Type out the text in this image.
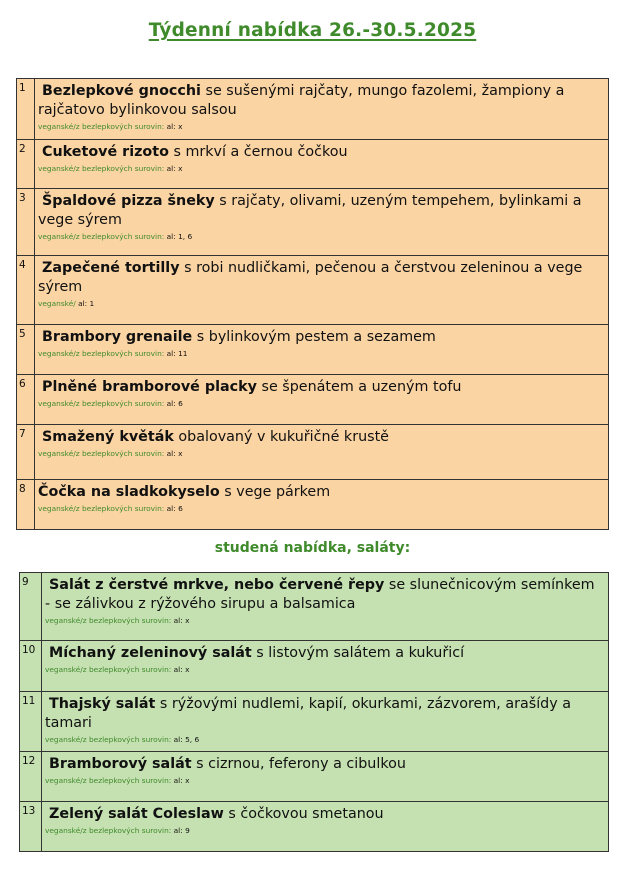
Týdenní nabídka 26.-30.5.2025
1	Bezlepkové gnocchi se sušenými rajčaty, mungo fazolemi, žampiony a rajčatovo bylinkovou salsou
veganské/z bezlepkových surovin: al: x

2	Cuketové rizoto s mrkví a černou čočkou
veganské/z bezlepkových surovin: al: x

3	Špaldové pizza šneky s rajčaty, olivami, uzeným tempehem, bylinkami a vege sýrem
veganské/z bezlepkových surovin: al: 1, 6

4	Zapečené tortilly s robi nudličkami, pečenou a čerstvou zeleninou a vege sýrem
veganské/ al: 1

5	Brambory grenaile s bylinkovým pestem a sezamem
veganské/z bezlepkových surovin: al: 11

6	Plněné bramborové placky se špenátem a uzeným tofu
veganské/z bezlepkových surovin: al: 6

7	Smažený květák obalovaný v kukuřičné krustě
veganské/z bezlepkových surovin: al: x

8	Čočka na sladkokyselo s vege párkem
veganské/z bezlepkových surovin: al: 6
studená nabídka, saláty:
9	Salát z čerstvé mrkve, nebo červené řepy se slunečnicovým semínkem - se zálivkou z rýžového sirupu a balsamica
veganské/z bezlepkových surovin: al: x

10	Míchaný zeleninový salát s listovým salátem a kukuřicí
veganské/z bezlepkových surovin: al: x

11	Thajský salát s rýžovými nudlemi, kapií, okurkami, zázvorem, arašídy a tamari
veganské/z bezlepkových surovin: al: 5, 6

12	Bramborový salát s cizrnou, feferony a cibulkou
veganské/z bezlepkových surovin: al: x

13	Zelený salát Coleslaw s čočkovou smetanou
veganské/z bezlepkových surovin: al: 9
